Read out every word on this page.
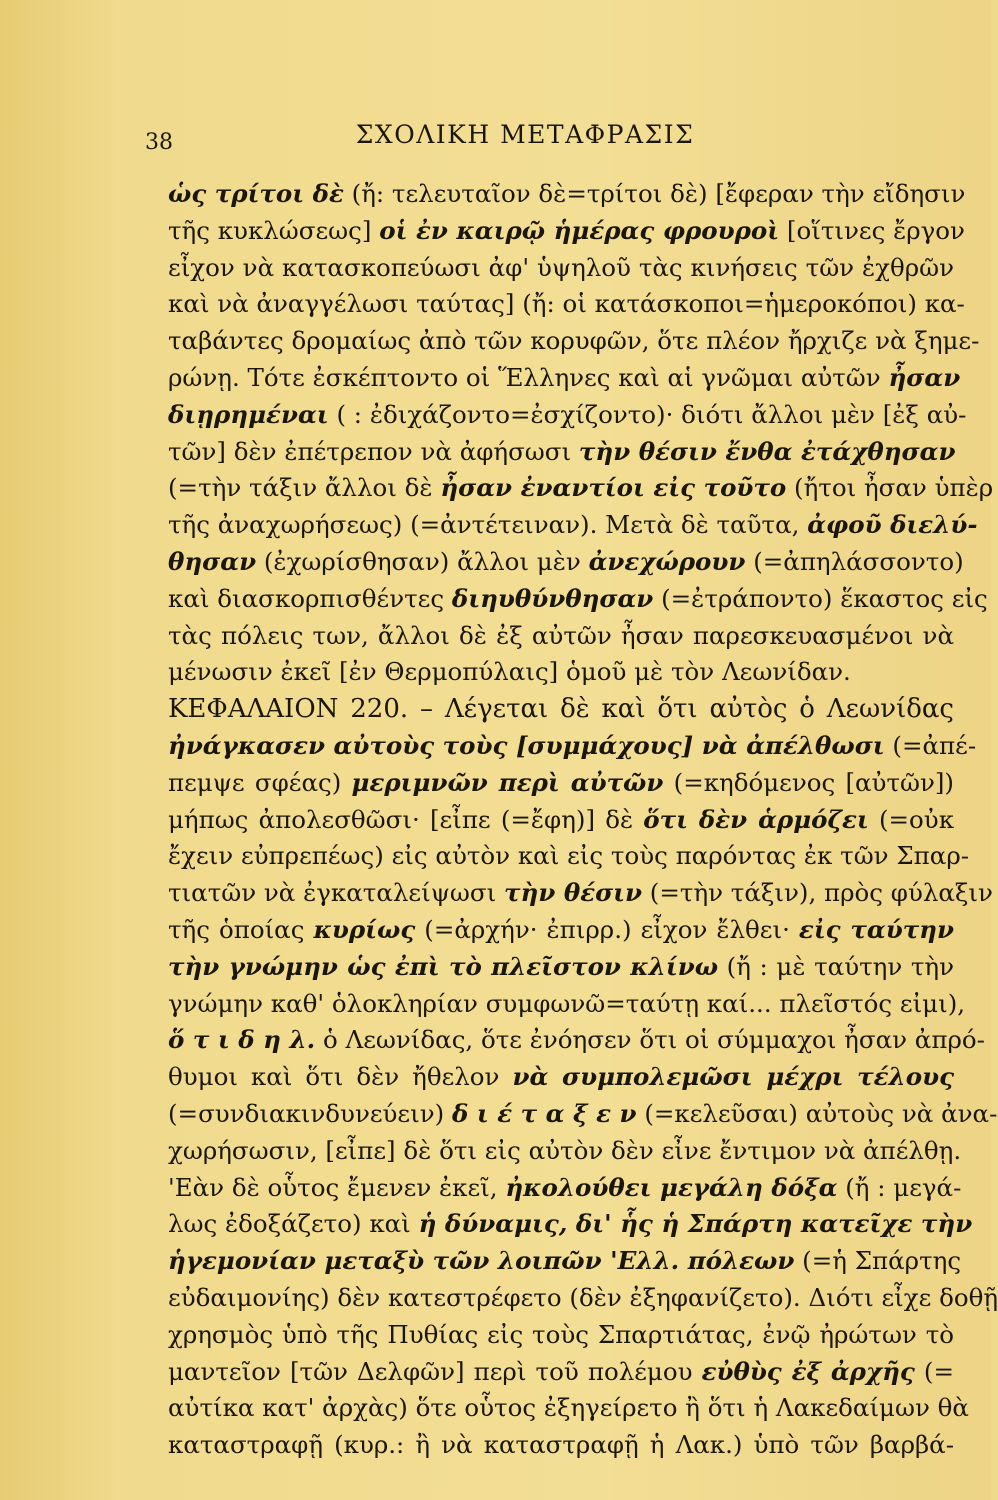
38	ΣΧΟΛΙΚΗ ΜΕΤΑΦΡΑΣΙΣ
ὡς τρίτοι δὲ (ἤ: τελευταῖον δὲ=τρίτοι δὲ) [ἔφεραν τὴν εἴδησιν
τῆς κυκλώσεως] οἱ ἐν καιρῷ ἡμέρας φρουροὶ [οἵτινες ἔργον
εἶχον νὰ κατασκοπεύωσι ἀφ' ὑψηλοῦ τὰς κινήσεις τῶν ἐχθρῶν
καὶ νὰ ἀναγγέλωσι ταύτας] (ἤ: οἱ κατάσκοποι=ἡμεροκόποι) κα-
ταβάντες δρομαίως ἀπὸ τῶν κορυφῶν, ὅτε πλέον ἤρχιζε νὰ ξημε-
ρώνῃ. Τότε ἐσκέπτοντο οἱ Ἕλληνες καὶ αἱ γνῶμαι αὐτῶν ἦσαν
διῃρημέναι ( : ἐδιχάζοντο=ἐσχίζοντο)· διότι ἄλλοι μὲν [ἐξ αὐ-
τῶν] δὲν ἐπέτρεπον νὰ ἀφήσωσι τὴν θέσιν ἔνθα ἐτάχθησαν
(=τὴν τάξιν ἄλλοι δὲ ἦσαν ἐναντίοι εἰς τοῦτο (ἤτοι ἦσαν ὑπὲρ
τῆς ἀναχωρήσεως) (=ἀντέτειναν). Μετὰ δὲ ταῦτα, ἀφοῦ διελύ-
θησαν (ἐχωρίσθησαν) ἄλλοι μὲν ἀνεχώρουν (=ἀπηλάσσοντο)
καὶ διασκορπισθέντες διηυθύνθησαν (=ἐτράποντο) ἕκαστος εἰς
τὰς πόλεις των, ἄλλοι δὲ ἐξ αὐτῶν ἦσαν παρεσκευασμένοι νὰ
μένωσιν ἐκεῖ [ἐν Θερμοπύλαις] ὁμοῦ μὲ τὸν Λεωνίδαν.
ΚΕΦΑΛΑΙΟΝ 220. – Λέγεται δὲ καὶ ὅτι αὐτὸς ὁ Λεωνίδας
ἠνάγκασεν αὐτοὺς τοὺς [συμμάχους] νὰ ἀπέλθωσι (=ἀπέ-
πεμψε σφέας) μεριμνῶν περὶ αὐτῶν (=κηδόμενος [αὐτῶν])
μήπως ἀπολεσθῶσι· [εἶπε (=ἔφη)] δὲ ὅτι δὲν ἁρμόζει (=οὐκ
ἔχειν εὐπρεπέως) εἰς αὐτὸν καὶ εἰς τοὺς παρόντας ἐκ τῶν Σπαρ-
τιατῶν νὰ ἐγκαταλείψωσι τὴν θέσιν (=τὴν τάξιν), πρὸς φύλαξιν
τῆς ὁποίας κυρίως (=ἀρχήν· ἐπιρρ.) εἶχον ἔλθει· εἰς ταύτην
τὴν γνώμην ὡς ἐπὶ τὸ πλεῖστον κλίνω (ἤ : μὲ ταύτην τὴν
γνώμην καθ' ὁλοκληρίαν συμφωνῶ=ταύτῃ καί... πλεῖστός εἰμι),
ὅ τ ι δ η λ. ὁ Λεωνίδας, ὅτε ἐνόησεν ὅτι οἱ σύμμαχοι ἦσαν ἀπρό-
θυμοι καὶ ὅτι δὲν ἤθελον νὰ συμπολεμῶσι μέχρι τέλους
(=συνδιακινδυνεύειν) δ ι έ τ α ξ ε ν (=κελεῦσαι) αὐτοὺς νὰ ἀνα-
χωρήσωσιν, [εἶπε] δὲ ὅτι εἰς αὐτὸν δὲν εἶνε ἔντιμον νὰ ἀπέλθῃ.
'Εὰν δὲ οὗτος ἔμενεν ἐκεῖ, ἠκολούθει μεγάλη δόξα (ἤ : μεγά-
λως ἐδοξάζετο) καὶ ἡ δύναμις, δι' ἧς ἡ Σπάρτη κατεῖχε τὴν
ἡγεμονίαν μεταξὺ τῶν λοιπῶν 'Ελλ. πόλεων (=ἡ Σπάρτης
εὐδαιμονίης) δὲν κατεστρέφετο (δὲν ἐξηφανίζετο). Διότι εἶχε δοθῇ
χρησμὸς ὑπὸ τῆς Πυθίας εἰς τοὺς Σπαρτιάτας, ἐνῷ ἠρώτων τὸ
μαντεῖον [τῶν Δελφῶν] περὶ τοῦ πολέμου εὐθὺς ἐξ ἀρχῆς (=
αὐτίκα κατ' ἀρχὰς) ὅτε οὗτος ἐξηγείρετο ἢ ὅτι ἡ Λακεδαίμων θὰ
καταστραφῇ (κυρ.: ἢ νὰ καταστραφῇ ἡ Λακ.) ὑπὸ τῶν βαρβά-
